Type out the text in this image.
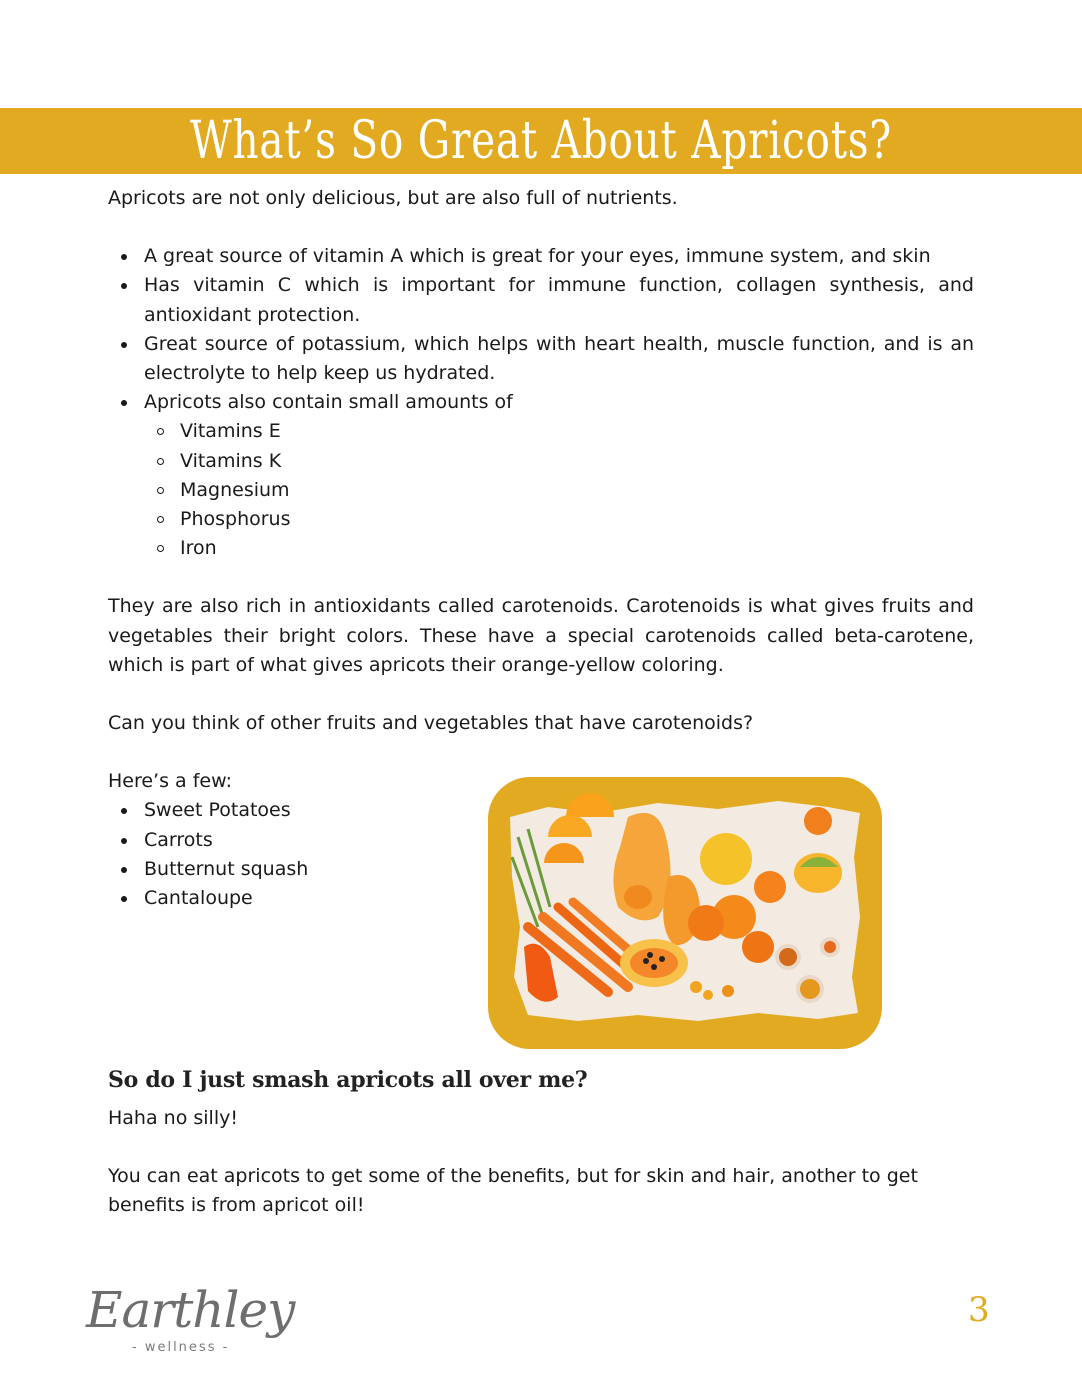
What’s So Great About Apricots?

Apricots are not only delicious, but are also full of nutrients.

A great source of vitamin A which is great for your eyes, immune system, and skin
Has vitamin C which is important for immune function, collagen synthesis, and antioxidant protection.
Great source of potassium, which helps with heart health, muscle function, and is an electrolyte to help keep us hydrated.
Apricots also contain small amounts of
Vitamins E
Vitamins K
Magnesium
Phosphorus
Iron

They are also rich in antioxidants called carotenoids. Carotenoids is what gives fruits and vegetables their bright colors. These have a special carotenoids called beta-carotene, which is part of what gives apricots their orange-yellow coloring.

Can you think of other fruits and vegetables that have carotenoids?

Here’s a few:

Sweet Potatoes
Carrots
Butternut squash
Cantaloupe
So do I just smash apricots all over me?

Haha no silly!

You can eat apricots to get some of the benefits, but for skin and hair, another to get benefits is from apricot oil!

Earthley
- wellness -
3
